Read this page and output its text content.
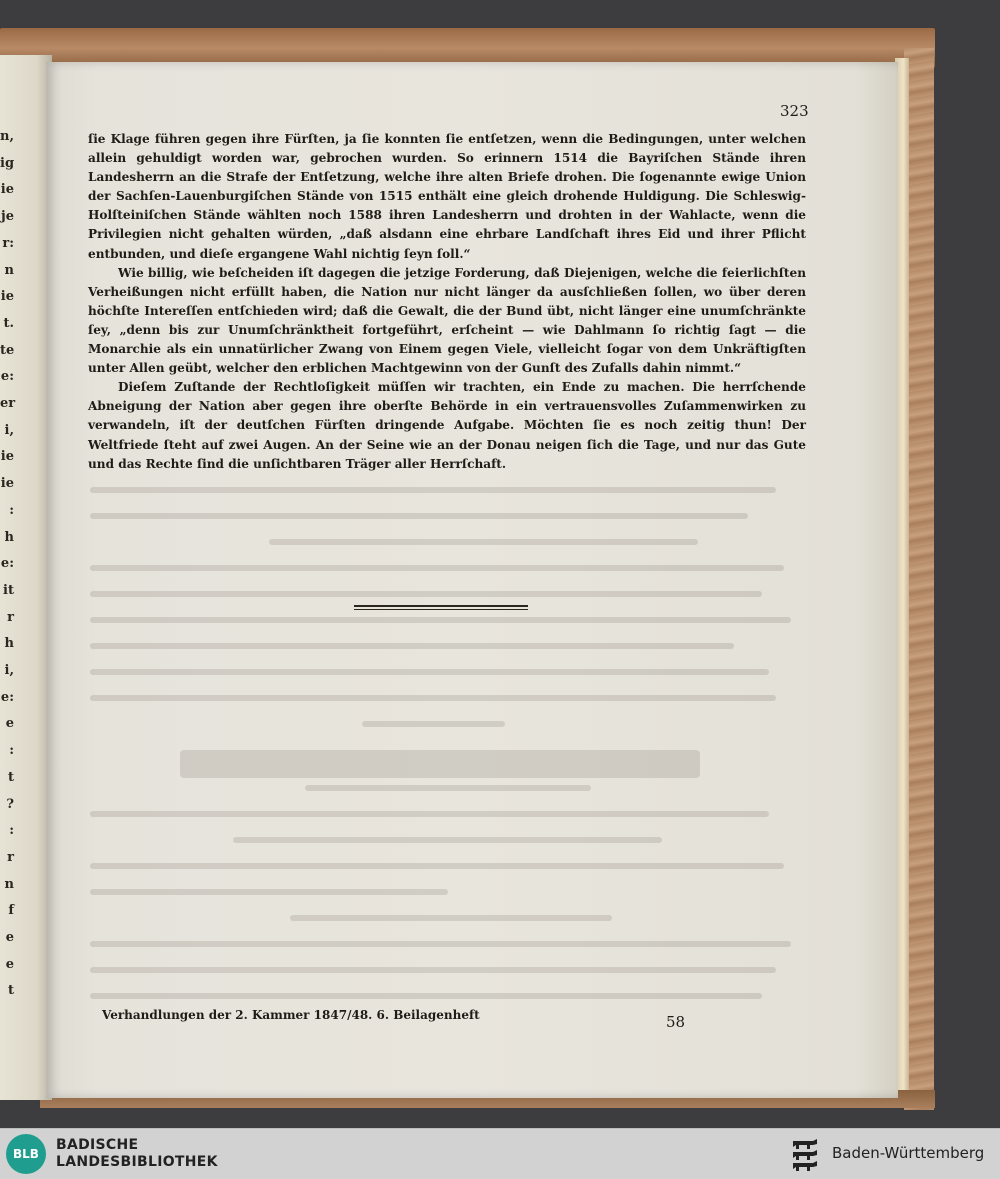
n,
ig
ie
je
r:
n
ie
t.
te
e:
er
i,
ie
ie
:
h
e:
it
r
h
i,
e:
e
:
t
?
:
r
n
f
e
e
t
323

ſie Klage führen gegen ihre Fürſten, ja ſie konnten ſie entſetzen, wenn die Bedingungen, unter welchen allein gehuldigt worden war, gebrochen wurden. So erinnern 1514 die Bayriſchen Stände ihren Landesherrn an die Strafe der Entſetzung, welche ihre alten Briefe drohen. Die ſogenannte ewige Union der Sachſen-Lauenburgiſchen Stände von 1515 enthält eine gleich drohende Huldigung. Die Schleswig-Holſteiniſchen Stände wählten noch 1588 ihren Landesherrn und drohten in der Wahlacte, wenn die Privilegien nicht gehalten würden, „daß alsdann eine ehrbare Landſchaft ihres Eid und ihrer Pflicht entbunden, und dieſe ergangene Wahl nichtig ſeyn ſoll.“

Wie billig, wie beſcheiden iſt dagegen die jetzige Forderung, daß Diejenigen, welche die feierlichſten Verheißungen nicht erfüllt haben, die Nation nur nicht länger da ausſchließen ſollen, wo über deren höchſte Intereſſen entſchieden wird; daß die Gewalt, die der Bund übt, nicht länger eine unumſchränkte ſey, „denn bis zur Unumſchränktheit fortgeführt, erſcheint — wie Dahlmann ſo richtig ſagt — die Monarchie als ein unnatürlicher Zwang von Einem gegen Viele, vielleicht ſogar von dem Unkräftigſten unter Allen geübt, welcher den erblichen Machtgewinn von der Gunſt des Zufalls dahin nimmt.“

Dieſem Zuſtande der Rechtloſigkeit müſſen wir trachten, ein Ende zu machen. Die herrſchende Abneigung der Nation aber gegen ihre oberſte Behörde in ein vertrauensvolles Zuſammenwirken zu verwandeln, iſt der deutſchen Fürſten dringende Aufgabe. Möchten ſie es noch zeitig thun! Der Weltfriede ſteht auf zwei Augen. An der Seine wie an der Donau neigen ſich die Tage, und nur das Gute und das Rechte ſind die unſichtbaren Träger aller Herrſchaft.

Verhandlungen der 2. Kammer 1847/48. 6. Beilagenheft	58
BLB
BADISCHE
LANDESBIBLIOTHEK	Baden-Württemberg
